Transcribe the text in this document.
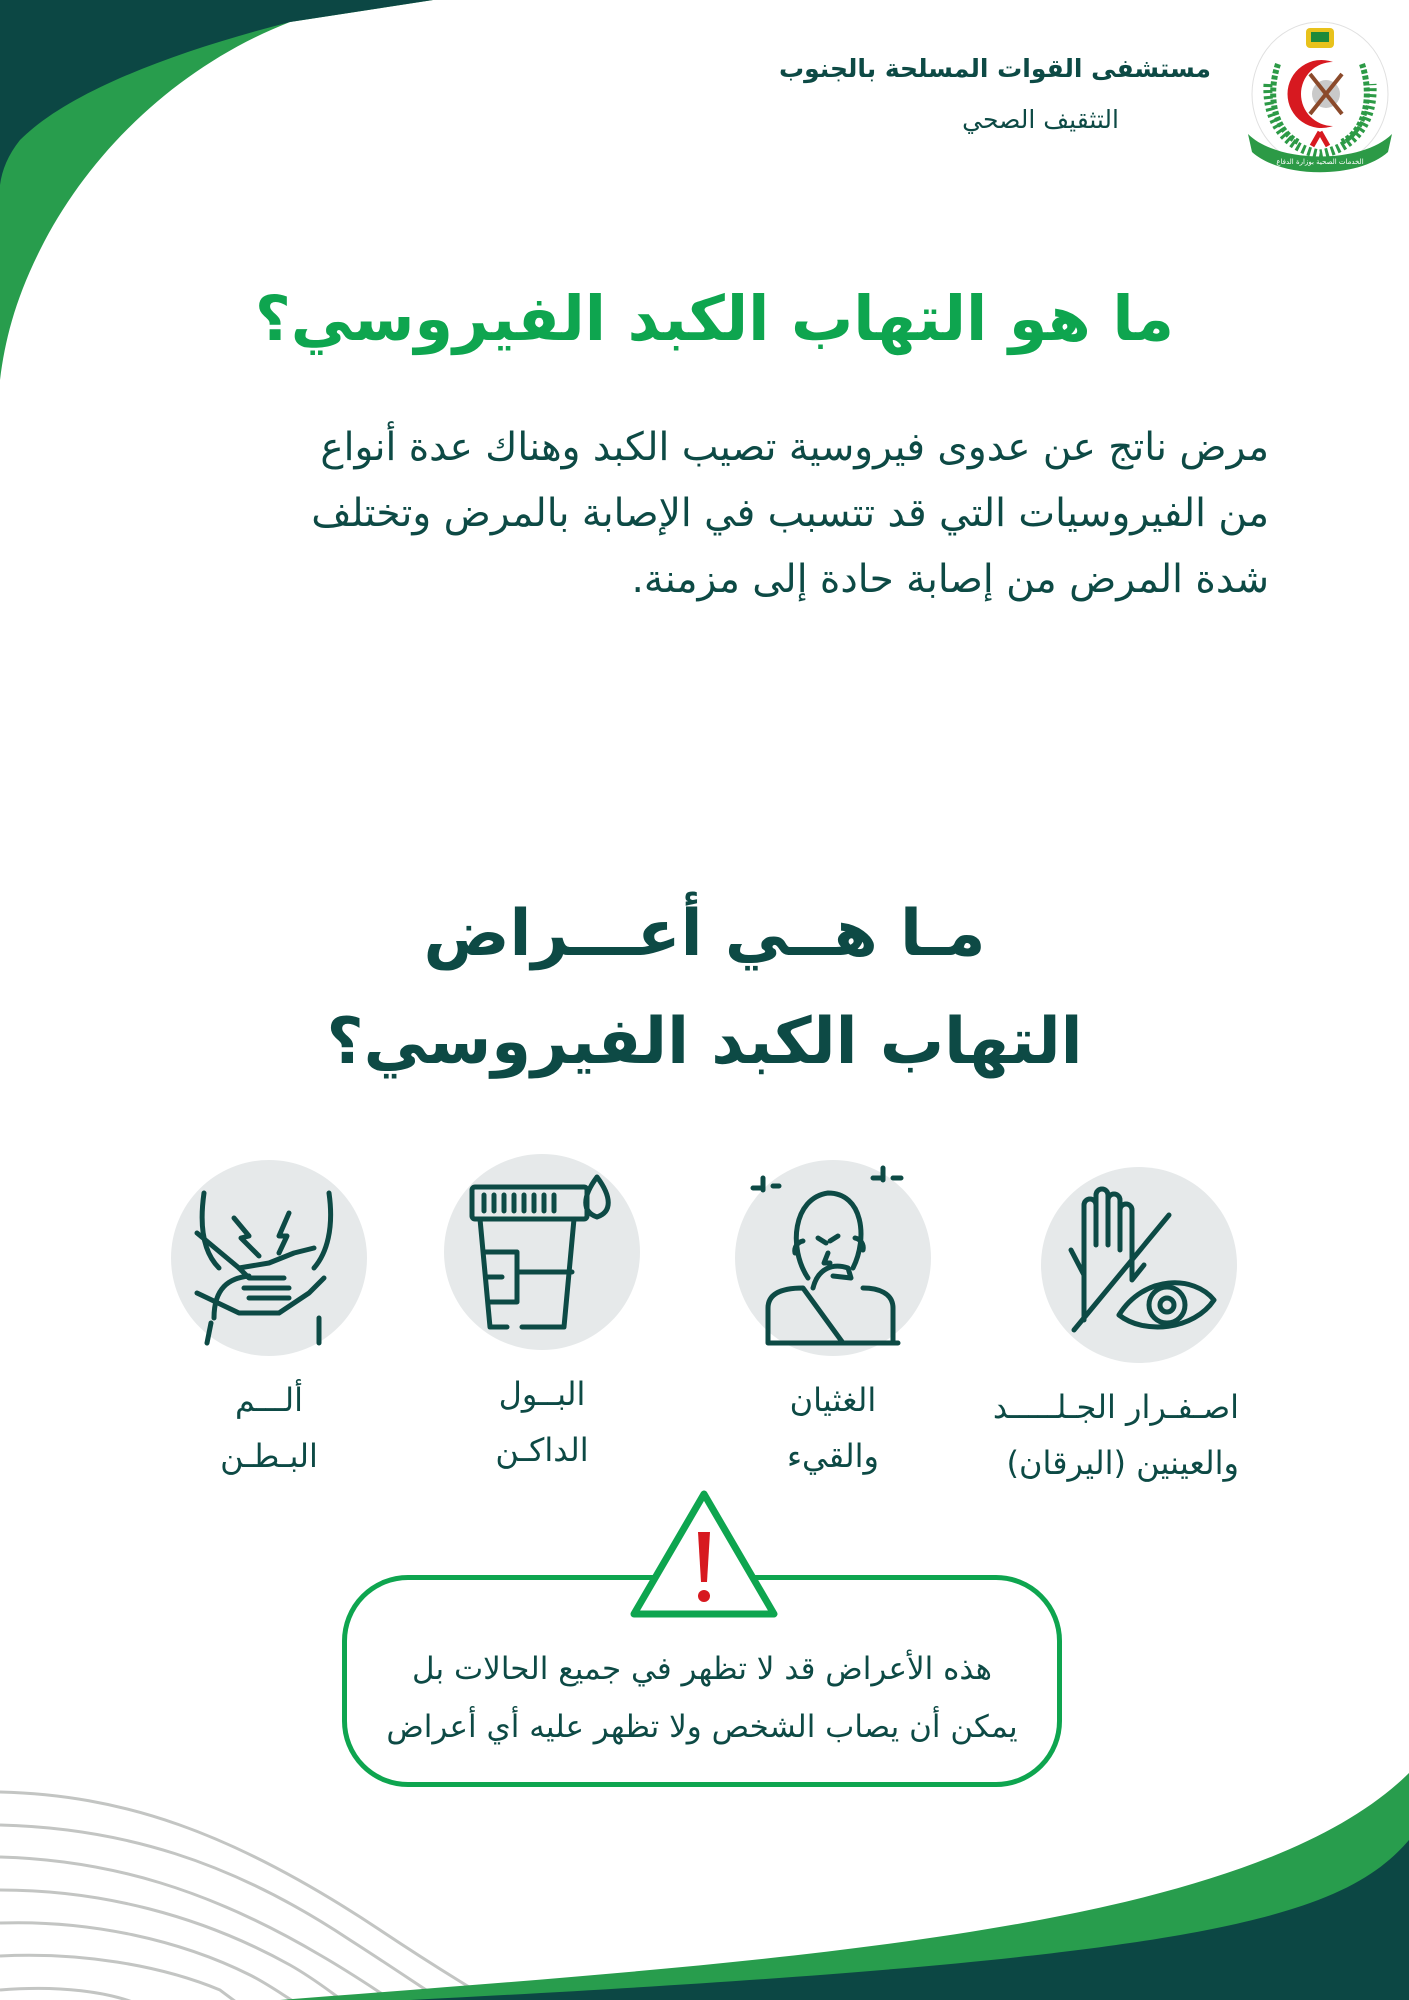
مستشفى القوات المسلحة بالجنوب
التثقيف الصحي
الخدمات الصحية بوزارة الدفاع
ما هو التهاب الكبد الفيروسي؟
مرض ناتج عن عدوى فيروسية تصيب الكبد وهناك عدة أنواع
من الفيروسيات التي قد تتسبب في الإصابة بالمرض وتختلف
شدة المرض من إصابة حادة إلى مزمنة.
مـا هــي أعـــراض
التهاب الكبد الفيروسي؟
اصـفـرار الجـلـــــد
والعينين (اليرقان)
الغثيان
والقيء
البــول
الداكـن
ألـــم
البـطـن
هذه الأعراض قد لا تظهر في جميع الحالات بل
يمكن أن يصاب الشخص ولا تظهر عليه أي أعراض
